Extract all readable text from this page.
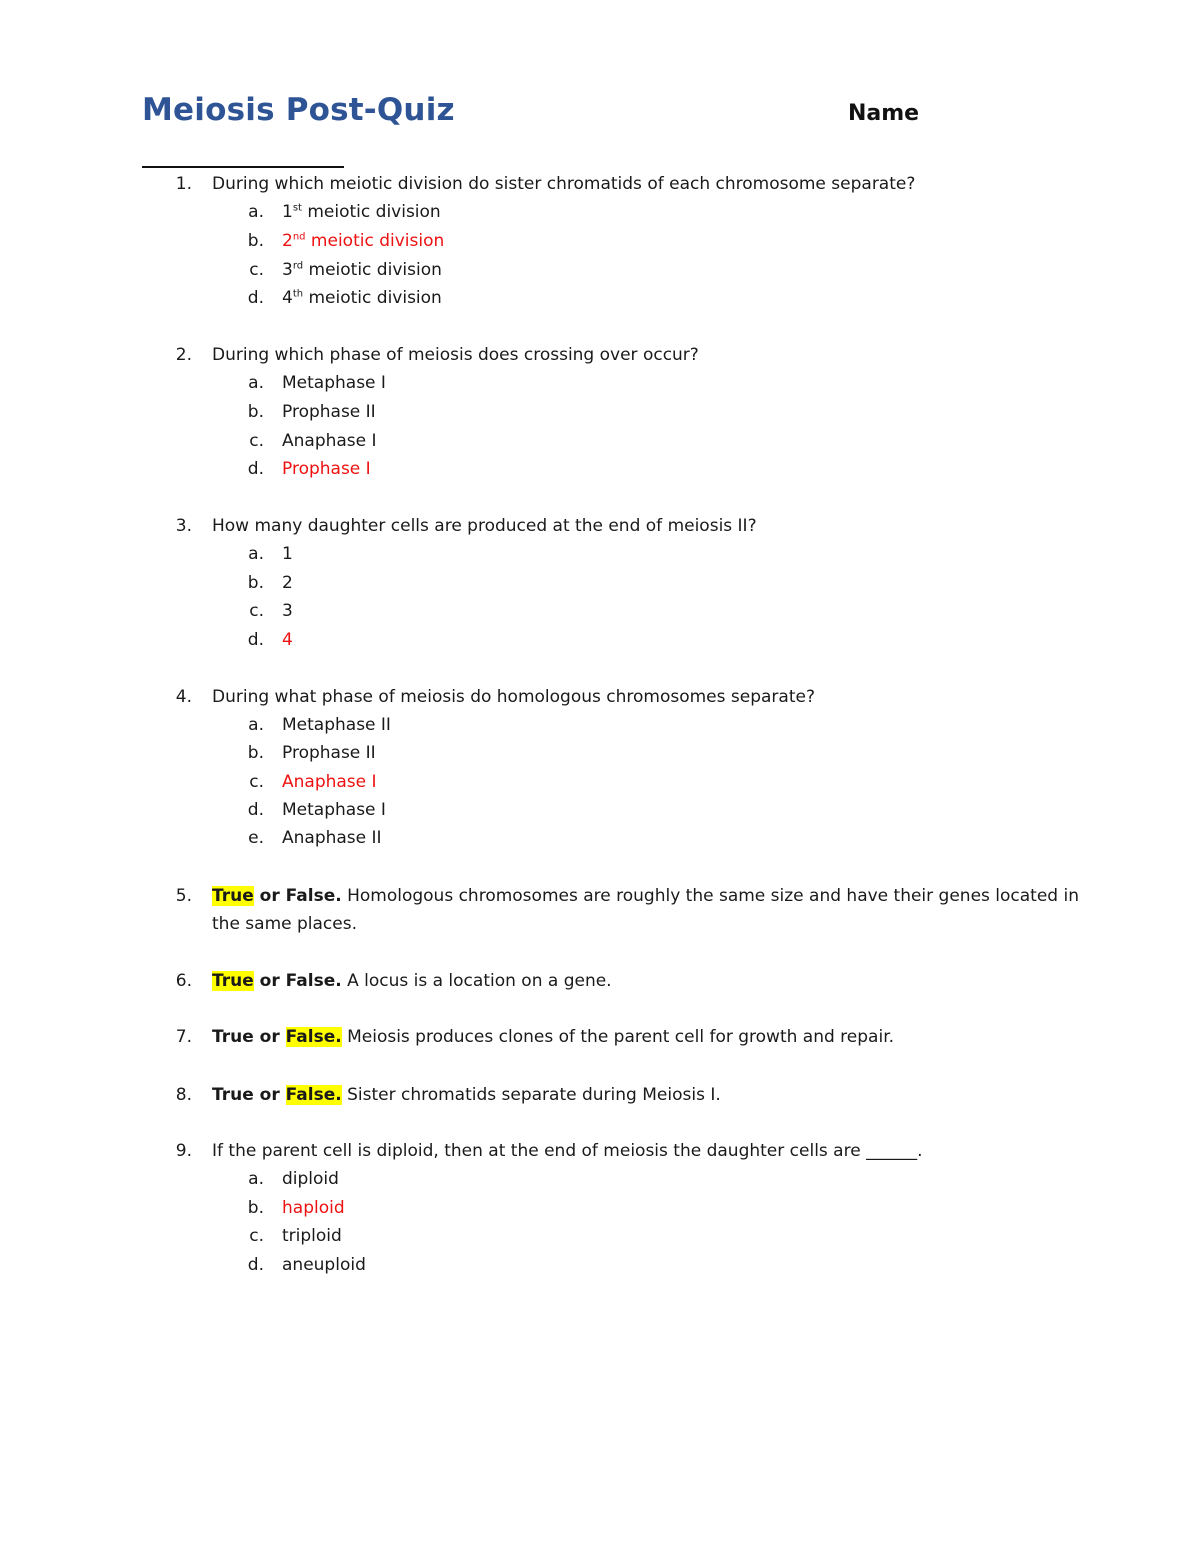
Meiosis Post-Quiz	Name
1. During which meiotic division do sister chromatids of each chromosome separate?
a. 1st meiotic division
b. 2nd meiotic division
c. 3rd meiotic division
d. 4th meiotic division
2. During which phase of meiosis does crossing over occur?
a. Metaphase I
b. Prophase II
c. Anaphase I
d. Prophase I
3. How many daughter cells are produced at the end of meiosis II?
a. 1
b. 2
c. 3
d. 4
4. During what phase of meiosis do homologous chromosomes separate?
a. Metaphase II
b. Prophase II
c. Anaphase I
d. Metaphase I
e. Anaphase II
5. True or False. Homologous chromosomes are roughly the same size and have their genes located in the same places.
6. True or False. A locus is a location on a gene.
7. True or False. Meiosis produces clones of the parent cell for growth and repair.
8. True or False. Sister chromatids separate during Meiosis I.
9. If the parent cell is diploid, then at the end of meiosis the daughter cells are ______.
a. diploid
b. haploid
c. triploid
d. aneuploid
